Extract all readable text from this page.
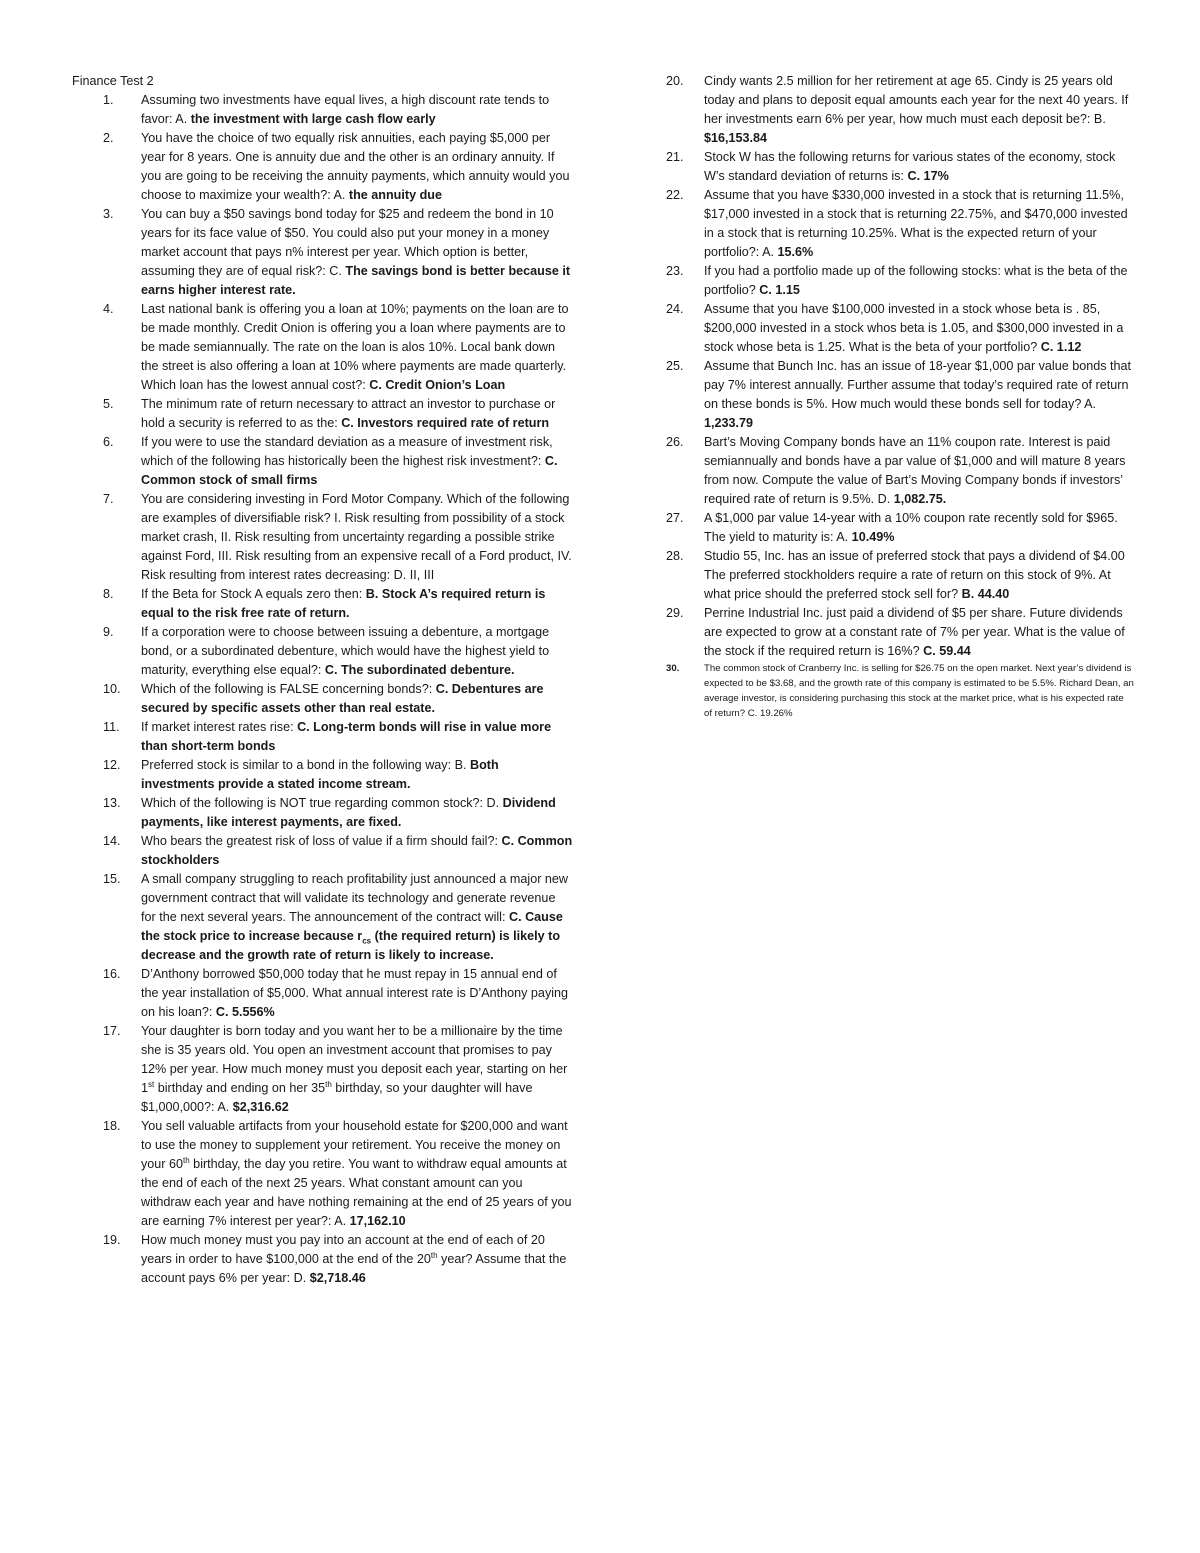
Finance Test 2
1. Assuming two investments have equal lives, a high discount rate tends to favor: A. the investment with large cash flow early
2. You have the choice of two equally risk annuities, each paying $5,000 per year for 8 years. One is annuity due and the other is an ordinary annuity. If you are going to be receiving the annuity payments, which annuity would you choose to maximize your wealth?: A. the annuity due
3. You can buy a $50 savings bond today for $25 and redeem the bond in 10 years for its face value of $50. You could also put your money in a money market account that pays n% interest per year. Which option is better, assuming they are of equal risk?: C. The savings bond is better because it earns higher interest rate.
4. Last national bank is offering you a loan at 10%; payments on the loan are to be made monthly. Credit Onion is offering you a loan where payments are to be made semiannually. The rate on the loan is alos 10%. Local bank down the street is also offering a loan at 10% where payments are made quarterly. Which loan has the lowest annual cost?: C. Credit Onion’s Loan
5. The minimum rate of return necessary to attract an investor to purchase or hold a security is referred to as the: C. Investors required rate of return
6. If you were to use the standard deviation as a measure of investment risk, which of the following has historically been the highest risk investment?: C. Common stock of small firms
7. You are considering investing in Ford Motor Company. Which of the following are examples of diversifiable risk? I. Risk resulting from possibility of a stock market crash, II. Risk resulting from uncertainty regarding a possible strike against Ford, III. Risk resulting from an expensive recall of a Ford product, IV. Risk resulting from interest rates decreasing: D. II, III
8. If the Beta for Stock A equals zero then: B. Stock A’s required return is equal to the risk free rate of return.
9. If a corporation were to choose between issuing a debenture, a mortgage bond, or a subordinated debenture, which would have the highest yield to maturity, everything else equal?: C. The subordinated debenture.
10. Which of the following is FALSE concerning bonds?: C. Debentures are secured by specific assets other than real estate.
11. If market interest rates rise: C. Long-term bonds will rise in value more than short-term bonds
12. Preferred stock is similar to a bond in the following way: B. Both investments provide a stated income stream.
13. Which of the following is NOT true regarding common stock?: D. Dividend payments, like interest payments, are fixed.
14. Who bears the greatest risk of loss of value if a firm should fail?: C. Common stockholders
15. A small company struggling to reach profitability just announced a major new government contract that will validate its technology and generate revenue for the next several years. The announcement of the contract will: C. Cause the stock price to increase because $r_{cs}$ (the required return) is likely to decrease and the growth rate of return is likely to increase.
16. D’Anthony borrowed $50,000 today that he must repay in 15 annual end of the year installation of $5,000. What annual interest rate is D’Anthony paying on his loan?: C. 5.556%
17. Your daughter is born today and you want her to be a millionaire by the time she is 35 years old. You open an investment account that promises to pay 12% per year. How much money must you deposit each year, starting on her 1st birthday and ending on her 35th birthday, so your daughter will have $1,000,000?: A. $2,316.62
18. You sell valuable artifacts from your household estate for $200,000 and want to use the money to supplement your retirement. You receive the money on your 60th birthday, the day you retire. You want to withdraw equal amounts at the end of each of the next 25 years. What constant amount can you withdraw each year and have nothing remaining at the end of 25 years of you are earning 7% interest per year?: A. 17,162.10
19. How much money must you pay into an account at the end of each of 20 years in order to have $100,000 at the end of the 20th year? Assume that the account pays 6% per year: D. $2,718.46
20. Cindy wants 2.5 million for her retirement at age 65. Cindy is 25 years old today and plans to deposit equal amounts each year for the next 40 years. If her investments earn 6% per year, how much must each deposit be?: B. $16,153.84
21. Stock W has the following returns for various states of the economy, stock W’s standard deviation of returns is: C. 17%
22. Assume that you have $330,000 invested in a stock that is returning 11.5%, $17,000 invested in a stock that is returning 22.75%, and $470,000 invested in a stock that is returning 10.25%. What is the expected return of your portfolio?: A. 15.6%
23. If you had a portfolio made up of the following stocks: what is the beta of the portfolio? C. 1.15
24. Assume that you have $100,000 invested in a stock whose beta is . 85, $200,000 invested in a stock whos beta is 1.05, and $300,000 invested in a stock whose beta is 1.25. What is the beta of your portfolio? C. 1.12
25. Assume that Bunch Inc. has an issue of 18-year $1,000 par value bonds that pay 7% interest annually. Further assume that today’s required rate of return on these bonds is 5%. How much would these bonds sell for today? A. 1,233.79
26. Bart’s Moving Company bonds have an 11% coupon rate. Interest is paid semiannually and bonds have a par value of $1,000 and will mature 8 years from now. Compute the value of Bart’s Moving Company bonds if investors’ required rate of return is 9.5%. D. 1,082.75.
27. A $1,000 par value 14-year with a 10% coupon rate recently sold for $965. The yield to maturity is: A. 10.49%
28. Studio 55, Inc. has an issue of preferred stock that pays a dividend of $4.00 The preferred stockholders require a rate of return on this stock of 9%. At what price should the preferred stock sell for? B. 44.40
29. Perrine Industrial Inc. just paid a dividend of $5 per share. Future dividends are expected to grow at a constant rate of 7% per year. What is the value of the stock if the required return is 16%? C. 59.44
30.	The common stock of Cranberry Inc. is selling for $26.75 on the open market. Next year’s dividend is expected to be $3.68, and the growth rate of this company is estimated to be 5.5%. Richard Dean, an average investor, is considering purchasing this stock at the market price, what is his expected rate of return? C. 19.26%
